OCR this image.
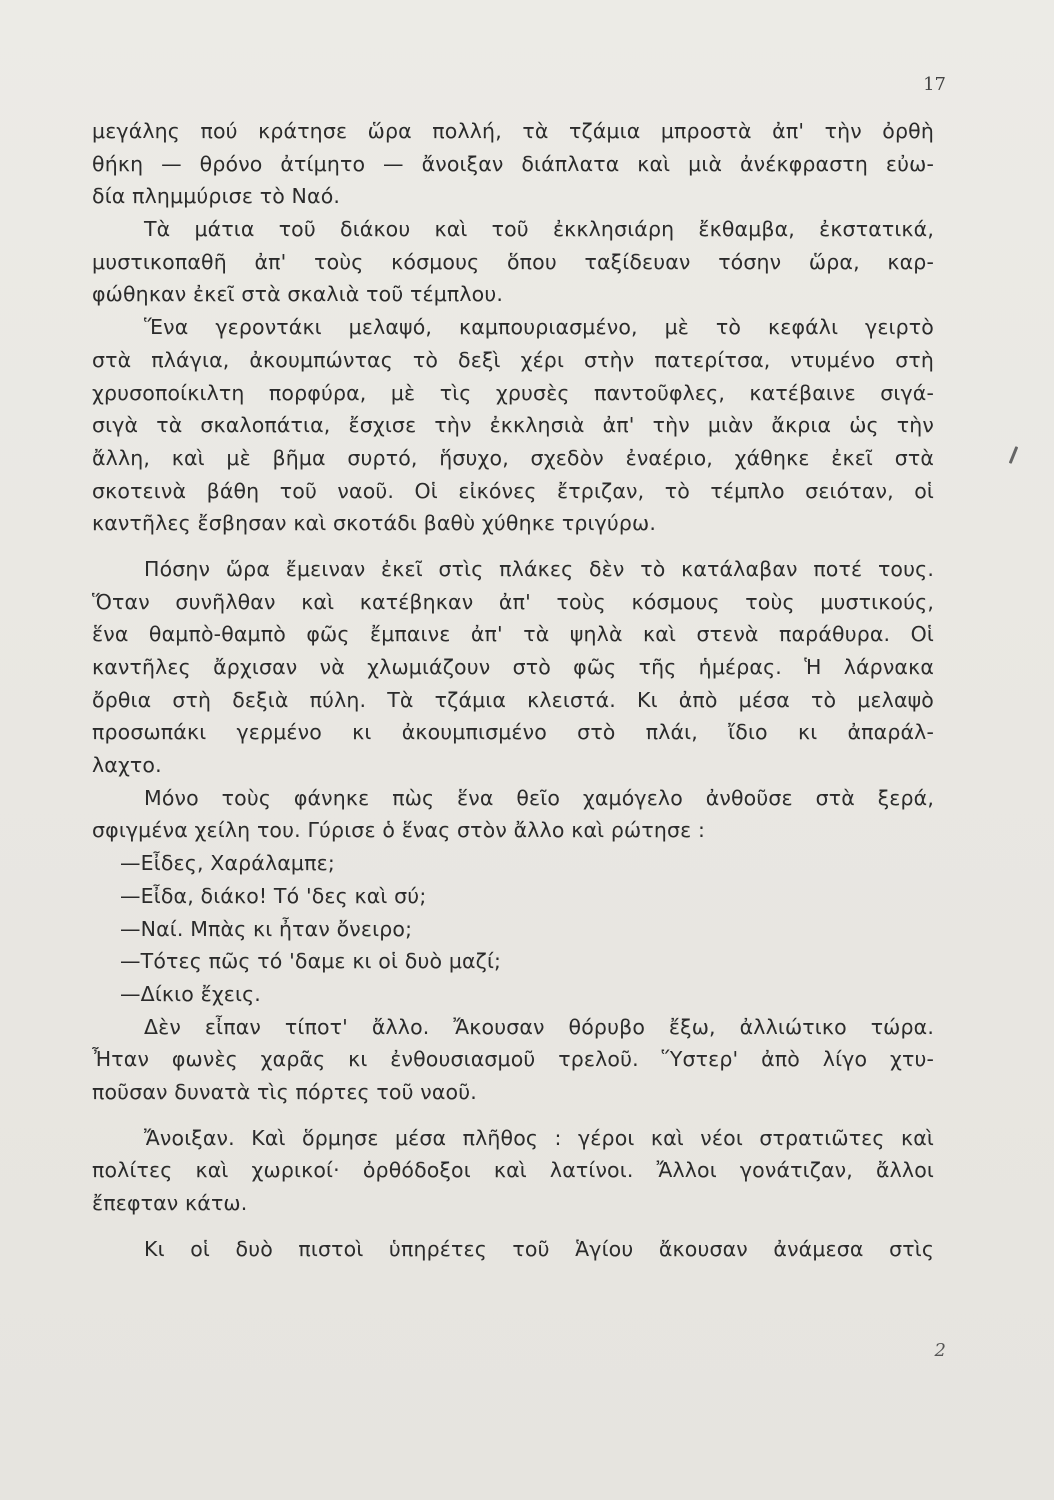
17
μεγάλης πού κράτησε ὥρα πολλή, τὰ τζάμια μπροστὰ ἀπ' τὴν ὀρθὴ
θήκη — θρόνο ἀτίμητο — ἄνοιξαν διάπλατα καὶ μιὰ ἀνέκφραστη εὐω-
δία πλημμύρισε τὸ Ναό.
Τὰ μάτια τοῦ διάκου καὶ τοῦ ἐκκλησιάρη ἔκθαμβα, ἐκστατικά,
μυστικοπαθῆ ἀπ' τοὺς κόσμους ὅπου ταξίδευαν τόσην ὥρα, καρ-
φώθηκαν ἐκεῖ στὰ σκαλιὰ τοῦ τέμπλου.
Ἕνα γεροντάκι μελαψό, καμπουριασμένο, μὲ τὸ κεφάλι γειρτὸ
στὰ πλάγια, ἀκουμπώντας τὸ δεξὶ χέρι στὴν πατερίτσα, ντυμένο στὴ
χρυσοποίκιλτη πορφύρα, μὲ τὶς χρυσὲς παντοῦφλες, κατέβαινε σιγά-
σιγὰ τὰ σκαλοπάτια, ἔσχισε τὴν ἐκκλησιὰ ἀπ' τὴν μιὰν ἄκρια ὡς τὴν
ἄλλη, καὶ μὲ βῆμα συρτό, ἥσυχο, σχεδὸν ἐναέριο, χάθηκε ἐκεῖ στὰ
σκοτεινὰ βάθη τοῦ ναοῦ. Οἱ εἰκόνες ἔτριζαν, τὸ τέμπλο σειόταν, οἱ
καντῆλες ἔσβησαν καὶ σκοτάδι βαθὺ χύθηκε τριγύρω.
Πόσην ὥρα ἔμειναν ἐκεῖ στὶς πλάκες δὲν τὸ κατάλαβαν ποτέ τους.
Ὅταν συνῆλθαν καὶ κατέβηκαν ἀπ' τοὺς κόσμους τοὺς μυστικούς,
ἕνα θαμπὸ-θαμπὸ φῶς ἔμπαινε ἀπ' τὰ ψηλὰ καὶ στενὰ παράθυρα. Οἱ
καντῆλες ἄρχισαν νὰ χλωμιάζουν στὸ φῶς τῆς ἡμέρας. Ἡ λάρνακα
ὄρθια στὴ δεξιὰ πύλη. Τὰ τζάμια κλειστά. Κι ἀπὸ μέσα τὸ μελαψὸ
προσωπάκι γερμένο κι ἀκουμπισμένο στὸ πλάι, ἴδιο κι ἀπαράλ-
λαχτο.
Μόνο τοὺς φάνηκε πὼς ἕνα θεῖο χαμόγελο ἀνθοῦσε στὰ ξερά,
σφιγμένα χείλη του. Γύρισε ὁ ἕνας στὸν ἄλλο καὶ ρώτησε :
—Εἶδες, Χαράλαμπε;
—Εἶδα, διάκο! Τό 'δες καὶ σύ;
—Ναί. Μπὰς κι ἦταν ὄνειρο;
—Τότες πῶς τό 'δαμε κι οἱ δυὸ μαζί;
—Δίκιο ἔχεις.
Δὲν εἶπαν τίποτ' ἄλλο. Ἄκουσαν θόρυβο ἔξω, ἀλλιώτικο τώρα.
Ἦταν φωνὲς χαρᾶς κι ἐνθουσιασμοῦ τρελοῦ. Ὕστερ' ἀπὸ λίγο χτυ-
ποῦσαν δυνατὰ τὶς πόρτες τοῦ ναοῦ.
Ἄνοιξαν. Καὶ ὅρμησε μέσα πλῆθος : γέροι καὶ νέοι στρατιῶτες καὶ
πολίτες καὶ χωρικοί· ὀρθόδοξοι καὶ λατίνοι. Ἄλλοι γονάτιζαν, ἄλλοι
ἔπεφταν κάτω.
Κι οἱ δυὸ πιστοὶ ὑπηρέτες τοῦ Ἁγίου ἄκουσαν ἀνάμεσα στὶς
2
